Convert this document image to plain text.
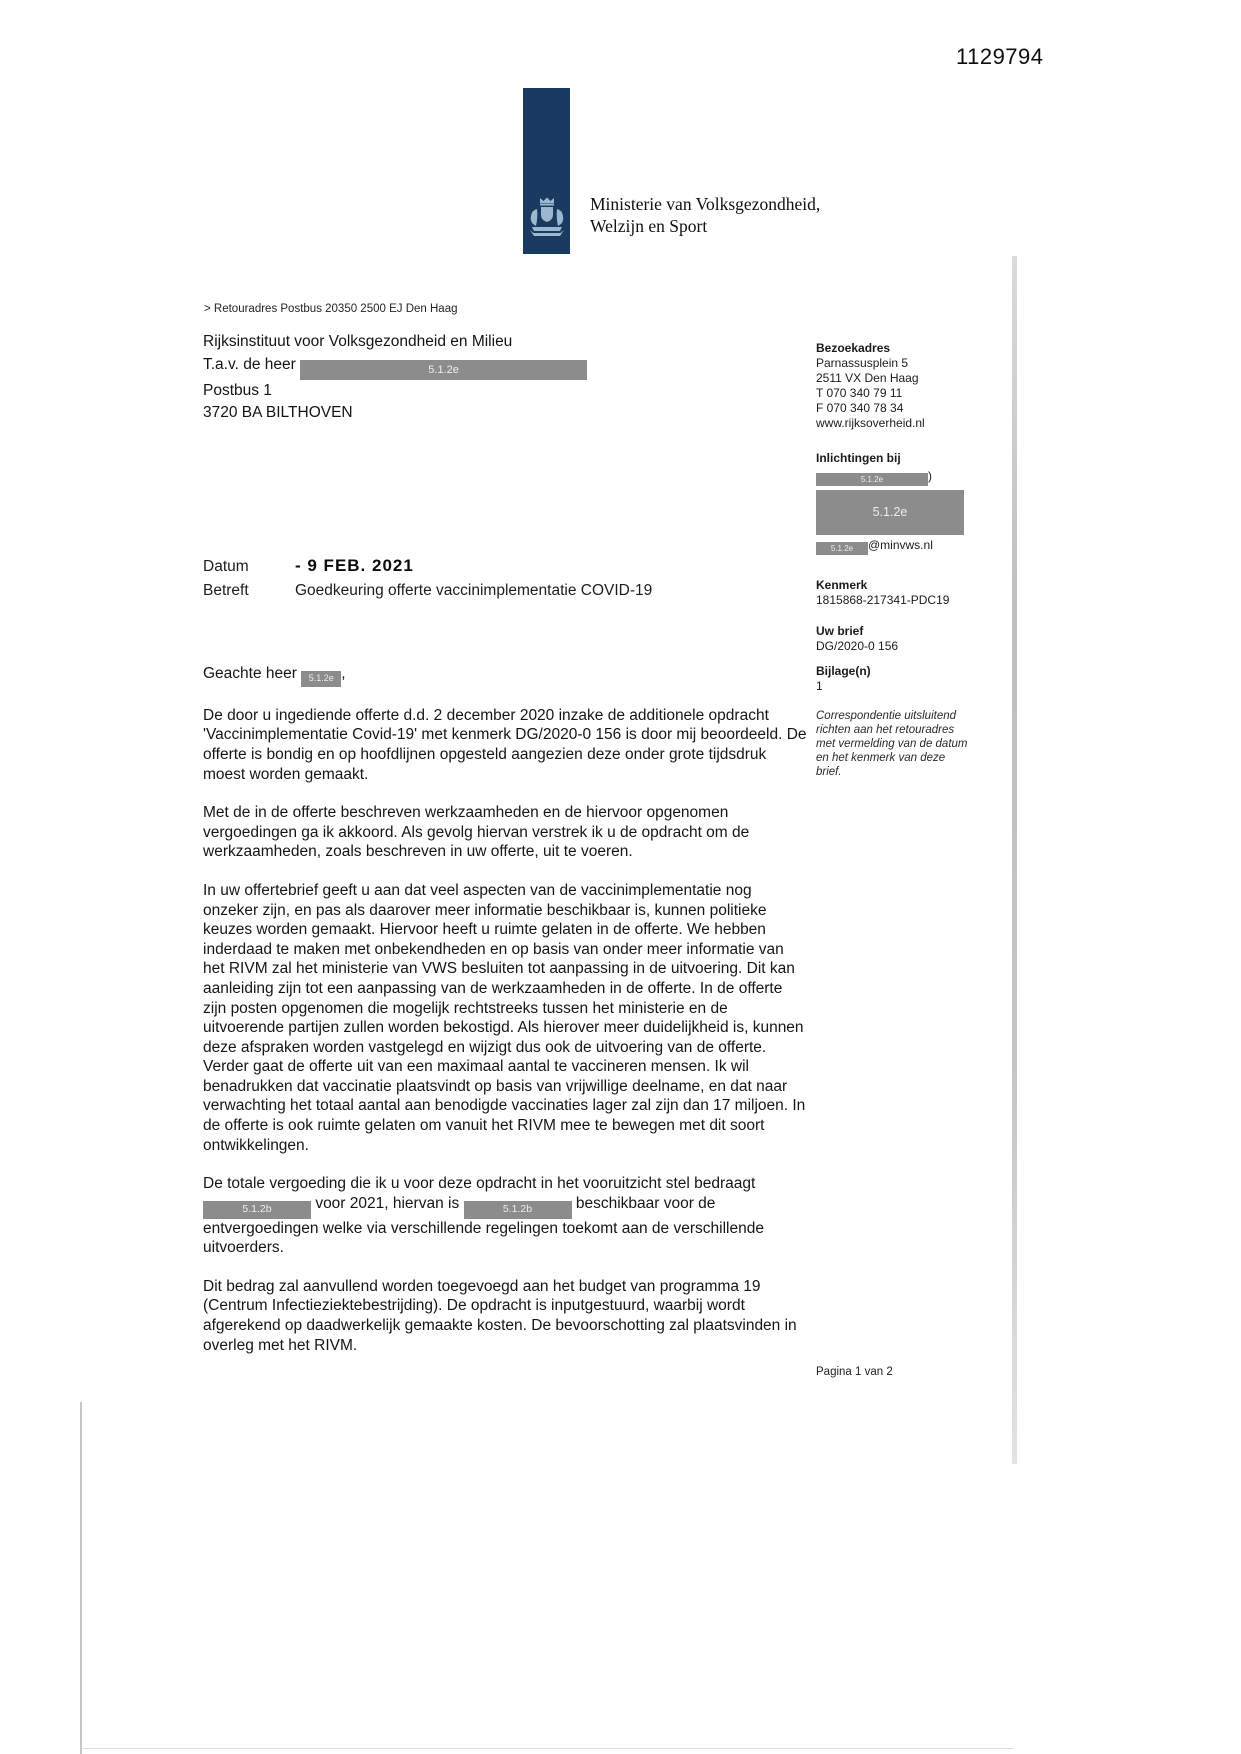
1129794
Ministerie van Volksgezondheid,
Welzijn en Sport
> Retouradres Postbus 20350 2500 EJ Den Haag
Rijksinstituut voor Volksgezondheid en Milieu
T.a.v. de heer	5.1.2e
Postbus 1
3720 BA BILTHOVEN
Bezoekadres
Parnassusplein 5
2511 VX Den Haag
T 070 340 79 11
F 070 340 78 34
www.rijksoverheid.nl
Inlichtingen bij
5.1.2e	)
5.1.2e
5.1.2e @minvws.nl
Kenmerk
1815868-217341-PDC19
Uw brief
DG/2020-0 156
Bijlage(n)
1
Correspondentie uitsluitend richten aan het retouradres met vermelding van de datum en het kenmerk van deze brief.
Datum	- 9 FEB. 2021
Betreft	Goedkeuring offerte vaccinimplementatie COVID-19

Geachte heer 5.1.2e ,

De door u ingediende offerte d.d. 2 december 2020 inzake de additionele opdracht 'Vaccinimplementatie Covid-19' met kenmerk DG/2020-0 156 is door mij beoordeeld. De offerte is bondig en op hoofdlijnen opgesteld aangezien deze onder grote tijdsdruk moest worden gemaakt.

Met de in de offerte beschreven werkzaamheden en de hiervoor opgenomen vergoedingen ga ik akkoord. Als gevolg hiervan verstrek ik u de opdracht om de werkzaamheden, zoals beschreven in uw offerte, uit te voeren.

In uw offertebrief geeft u aan dat veel aspecten van de vaccinimplementatie nog onzeker zijn, en pas als daarover meer informatie beschikbaar is, kunnen politieke keuzes worden gemaakt. Hiervoor heeft u ruimte gelaten in de offerte. We hebben inderdaad te maken met onbekendheden en op basis van onder meer informatie van het RIVM zal het ministerie van VWS besluiten tot aanpassing in de uitvoering. Dit kan aanleiding zijn tot een aanpassing van de werkzaamheden in de offerte. In de offerte zijn posten opgenomen die mogelijk rechtstreeks tussen het ministerie en de uitvoerende partijen zullen worden bekostigd. Als hierover meer duidelijkheid is, kunnen deze afspraken worden vastgelegd en wijzigt dus ook de uitvoering van de offerte. Verder gaat de offerte uit van een maximaal aantal te vaccineren mensen. Ik wil benadrukken dat vaccinatie plaatsvindt op basis van vrijwillige deelname, en dat naar verwachting het totaal aantal aan benodigde vaccinaties lager zal zijn dan 17 miljoen. In de offerte is ook ruimte gelaten om vanuit het RIVM mee te bewegen met dit soort ontwikkelingen.

De totale vergoeding die ik u voor deze opdracht in het vooruitzicht stel bedraagt 5.1.2b	voor 2021, hiervan is	5.1.2b	beschikbaar voor de entvergoedingen welke via verschillende regelingen toekomt aan de verschillende uitvoerders.

Dit bedrag zal aanvullend worden toegevoegd aan het budget van programma 19 (Centrum Infectieziektebestrijding). De opdracht is inputgestuurd, waarbij wordt afgerekend op daadwerkelijk gemaakte kosten. De bevoorschotting zal plaatsvinden in overleg met het RIVM.

Pagina 1 van 2
